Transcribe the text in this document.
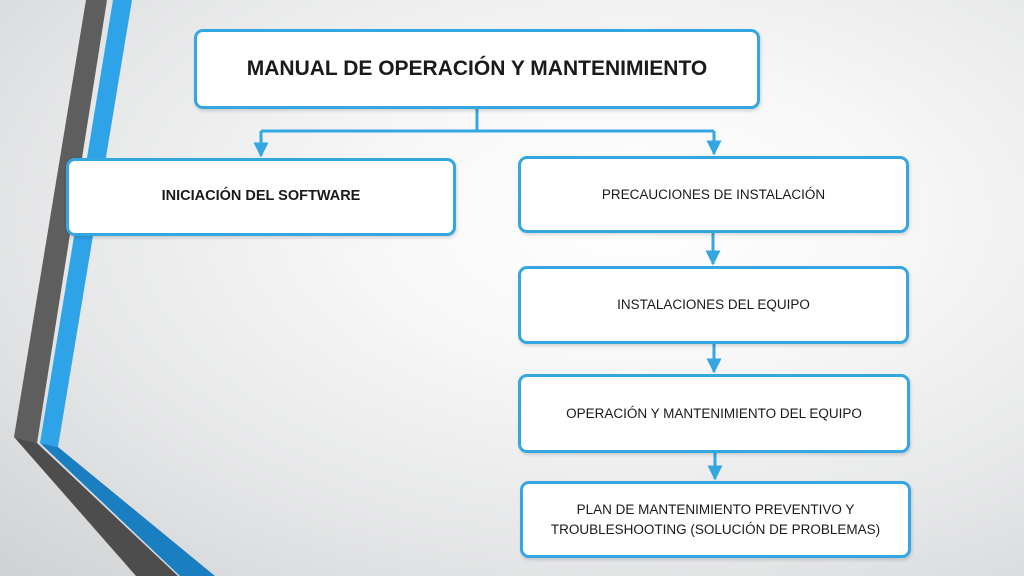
MANUAL DE OPERACIÓN Y MANTENIMIENTO
INICIACIÓN DEL SOFTWARE	PRECAUCIONES DE INSTALACIÓN
INSTALACIONES DEL EQUIPO
OPERACIÓN Y MANTENIMIENTO DEL EQUIPO
PLAN DE MANTENIMIENTO PREVENTIVO Y TROUBLESHOOTING (SOLUCIÓN DE PROBLEMAS)
